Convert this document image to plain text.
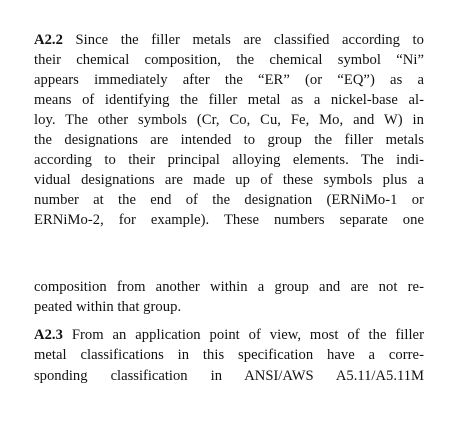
A2.2 Since the filler metals are classified according to
their chemical composition, the chemical symbol “Ni”
appears immediately after the “ER” (or “EQ”) as a
means of identifying the filler metal as a nickel-base al-
loy. The other symbols (Cr, Co, Cu, Fe, Mo, and W) in
the designations are intended to group the filler metals
according to their principal alloying elements. The indi-
vidual designations are made up of these symbols plus a
number at the end of the designation (ERNiMo-1 or
ERNiMo-2, for example). These numbers separate one
composition from another within a group and are not re-
peated within that group.
A2.3 From an application point of view, most of the filler
metal classifications in this specification have a corre-
sponding classification in ANSI/AWS A5.11/A5.11M
